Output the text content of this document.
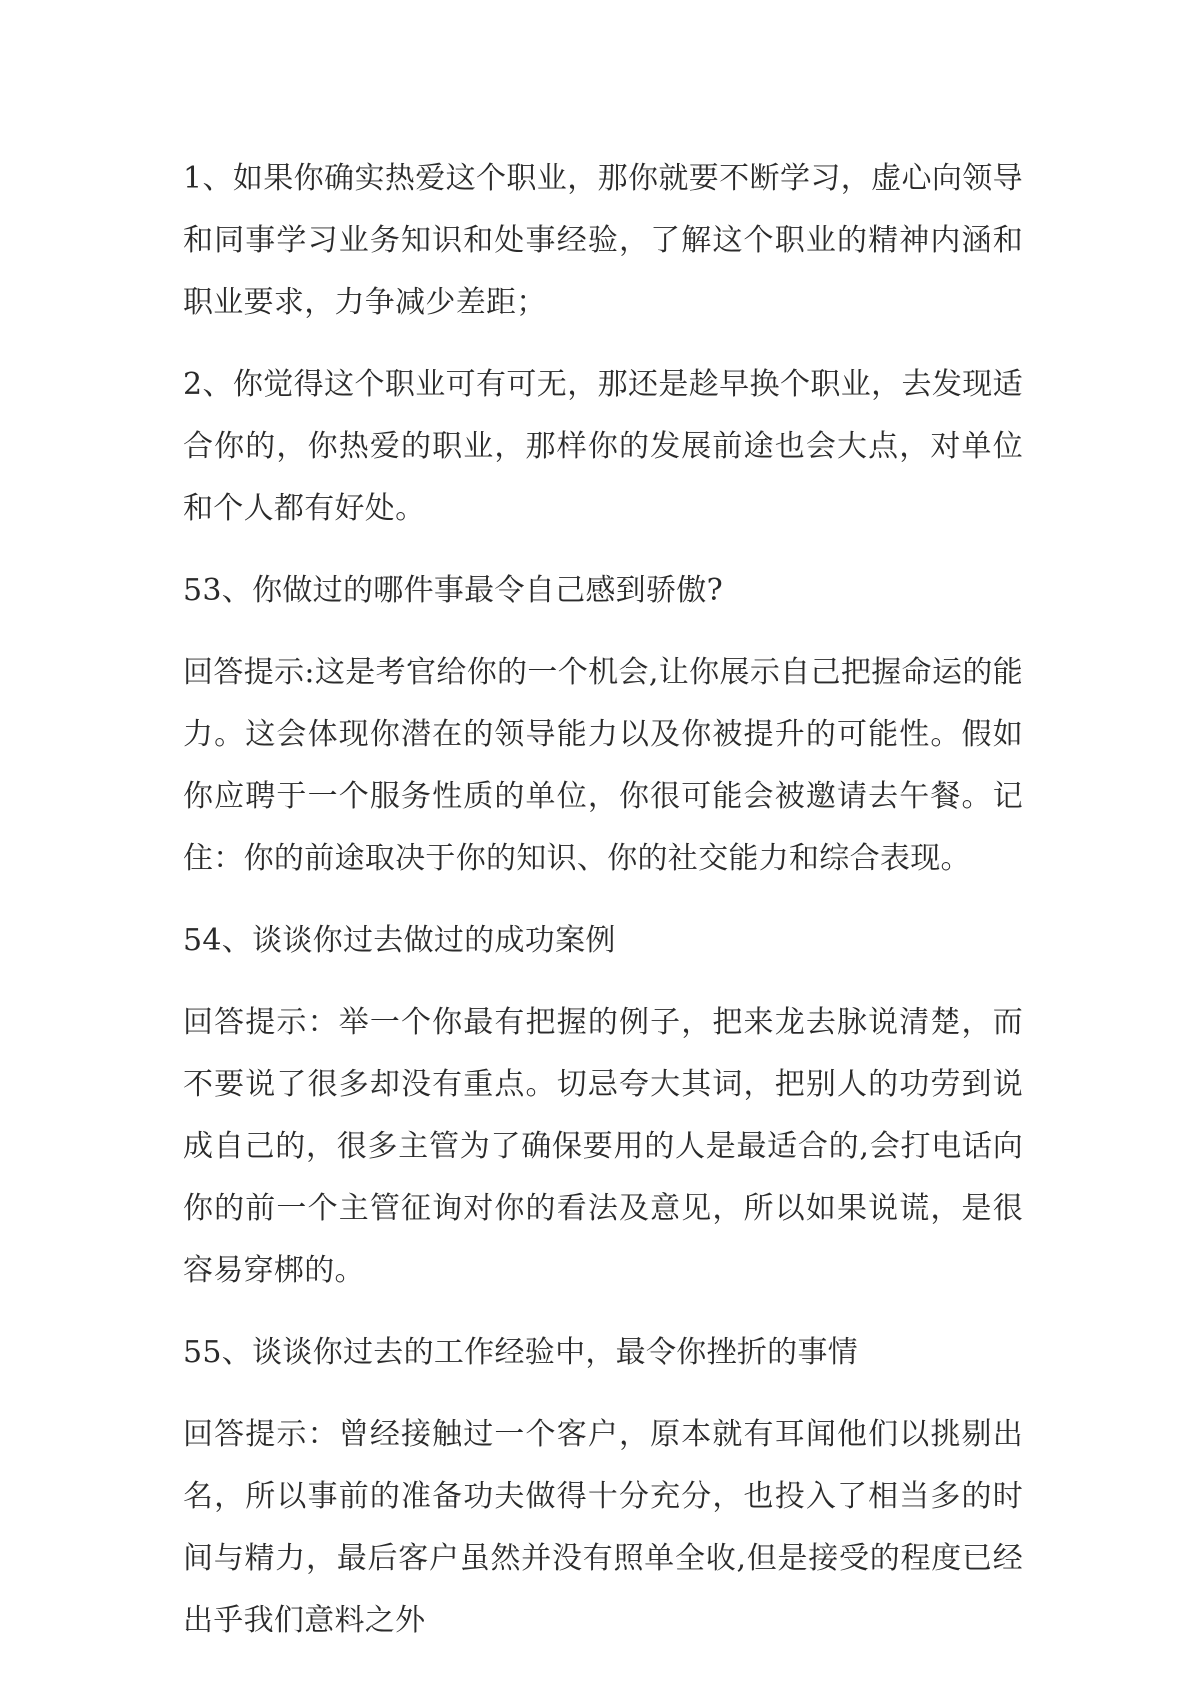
1、如果你确实热爱这个职业，那你就要不断学习，虚心向领导和同事学习业务知识和处事经验，了解这个职业的精神内涵和职业要求，力争减少差距；

2、你觉得这个职业可有可无，那还是趁早换个职业，去发现适合你的，你热爱的职业，那样你的发展前途也会大点，对单位和个人都有好处。

53、你做过的哪件事最令自己感到骄傲?

回答提示:这是考官给你的一个机会,让你展示自己把握命运的能力。这会体现你潜在的领导能力以及你被提升的可能性。假如你应聘于一个服务性质的单位，你很可能会被邀请去午餐。记住：你的前途取决于你的知识、你的社交能力和综合表现。

54、谈谈你过去做过的成功案例

回答提示：举一个你最有把握的例子，把来龙去脉说清楚，而不要说了很多却没有重点。切忌夸大其词，把别人的功劳到说成自己的，很多主管为了确保要用的人是最适合的,会打电话向你的前一个主管征询对你的看法及意见，所以如果说谎，是很容易穿梆的。

55、谈谈你过去的工作经验中，最令你挫折的事情

回答提示：曾经接触过一个客户，原本就有耳闻他们以挑剔出名，所以事前的准备功夫做得十分充分，也投入了相当多的时间与精力，最后客户虽然并没有照单全收,但是接受的程度已经出乎我们意料之外
